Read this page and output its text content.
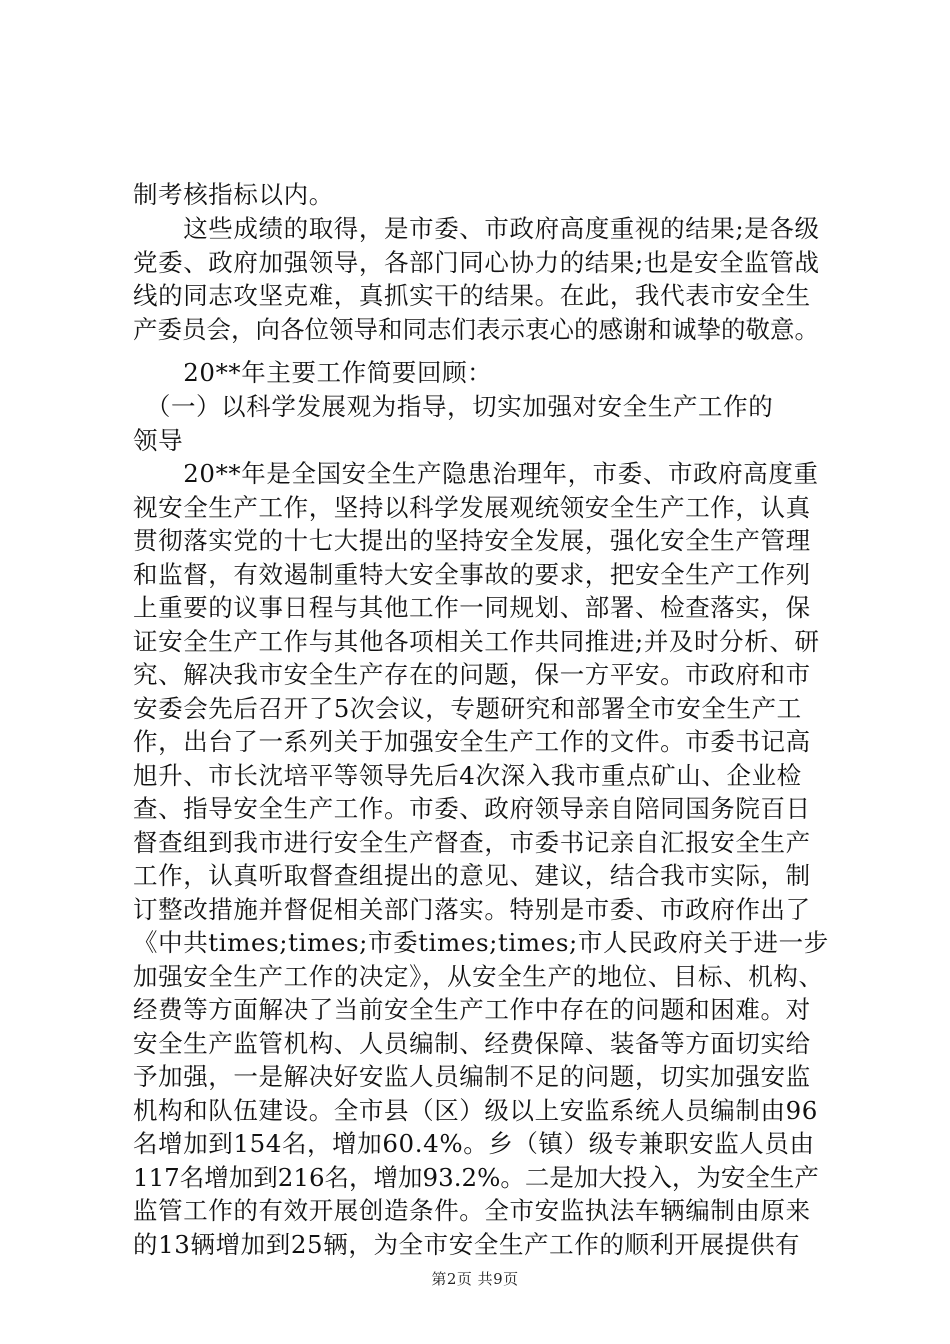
制考核指标以内。
　　这些成绩的取得，是市委、市政府高度重视的结果;是各级
党委、政府加强领导，各部门同心协力的结果;也是安全监管战
线的同志攻坚克难，真抓实干的结果。在此，我代表市安全生
产委员会，向各位领导和同志们表示衷心的感谢和诚挚的敬意。
　　20**年主要工作简要回顾：
　（一）以科学发展观为指导，切实加强对安全生产工作的
领导
　　20**年是全国安全生产隐患治理年，市委、市政府高度重
视安全生产工作，坚持以科学发展观统领安全生产工作，认真
贯彻落实党的十七大提出的坚持安全发展，强化安全生产管理
和监督，有效遏制重特大安全事故的要求，把安全生产工作列
上重要的议事日程与其他工作一同规划、部署、检查落实，保
证安全生产工作与其他各项相关工作共同推进;并及时分析、研
究、解决我市安全生产存在的问题，保一方平安。市政府和市
安委会先后召开了5次会议，专题研究和部署全市安全生产工
作，出台了一系列关于加强安全生产工作的文件。市委书记高
旭升、市长沈培平等领导先后4次深入我市重点矿山、企业检
查、指导安全生产工作。市委、政府领导亲自陪同国务院百日
督查组到我市进行安全生产督查，市委书记亲自汇报安全生产
工作，认真听取督查组提出的意见、建议，结合我市实际，制
订整改措施并督促相关部门落实。特别是市委、市政府作出了
《中共times;times;市委times;times;市人民政府关于进一步
加强安全生产工作的决定》，从安全生产的地位、目标、机构、
经费等方面解决了当前安全生产工作中存在的问题和困难。对
安全生产监管机构、人员编制、经费保障、装备等方面切实给
予加强，一是解决好安监人员编制不足的问题，切实加强安监
机构和队伍建设。全市县（区）级以上安监系统人员编制由96
名增加到154名，增加60.4%。乡（镇）级专兼职安监人员由
117名增加到216名，增加93.2%。二是加大投入，为安全生产
监管工作的有效开展创造条件。全市安监执法车辆编制由原来
的13辆增加到25辆，为全市安全生产工作的顺利开展提供有
第2页 共9页
